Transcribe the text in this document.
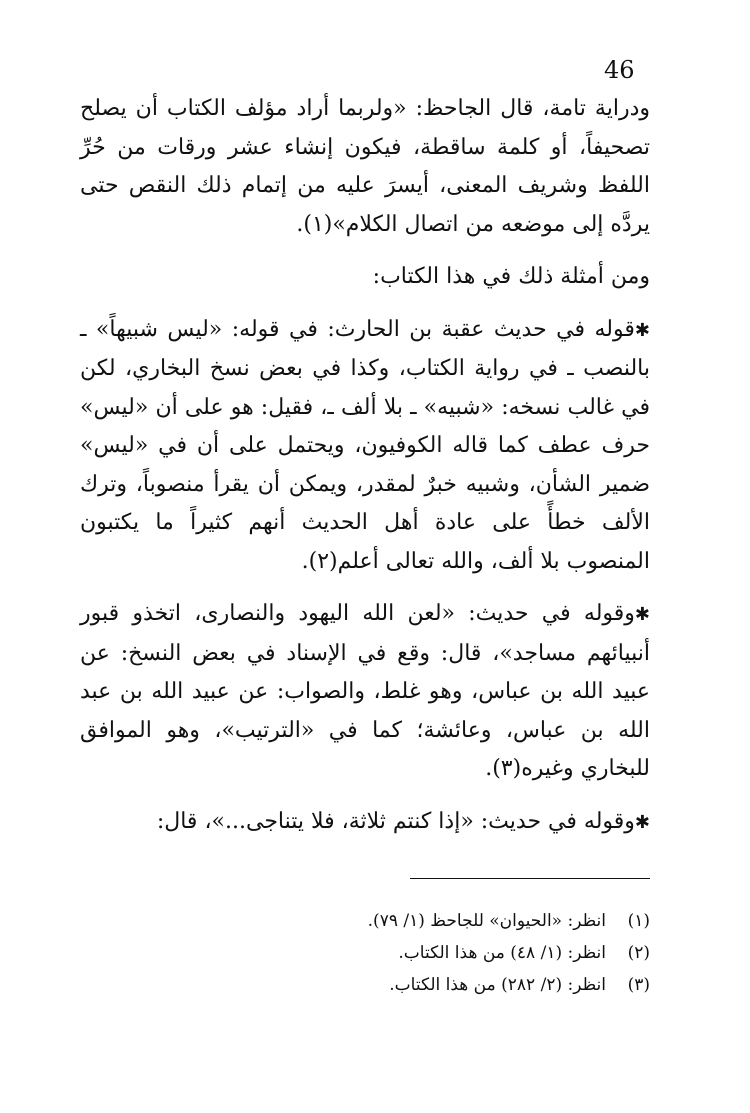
46

ودراية تامة، قال الجاحظ: «ولربما أراد مؤلف الكتاب أن يصلح تصحيفاً، أو كلمة ساقطة، فيكون إنشاء عشر ورقات من حُرِّ اللفظ وشريف المعنى، أيسرَ عليه من إتمام ذلك النقص حتى يردَّه إلى موضعه من اتصال الكلام»(١).

ومن أمثلة ذلك في هذا الكتاب:

✱ قوله في حديث عقبة بن الحارث: في قوله: «ليس شبيهاً» ـ بالنصب ـ في رواية الكتاب، وكذا في بعض نسخ البخاري، لكن في غالب نسخه: «شبيه» ـ بلا ألف ـ، فقيل: هو على أن «ليس» حرف عطف كما قاله الكوفيون، ويحتمل على أن في «ليس» ضمير الشأن، وشبيه خبرٌ لمقدر، ويمكن أن يقرأ منصوباً، وترك الألف خطأً على عادة أهل الحديث أنهم كثيراً ما يكتبون المنصوب بلا ألف، والله تعالى أعلم(٢).

✱ وقوله في حديث: «لعن الله اليهود والنصارى، اتخذو قبور أنبيائهم مساجد»، قال: وقع في الإسناد في بعض النسخ: عن عبيد الله بن عباس، وهو غلط، والصواب: عن عبيد الله بن عبد الله بن عباس، وعائشة؛ كما في «الترتيب»، وهو الموافق للبخاري وغيره(٣).

✱ وقوله في حديث: «إذا كنتم ثلاثة، فلا يتناجى...»، قال:

(١)
انظر: «الحيوان» للجاحظ (١/ ٧٩).
(٢)
انظر: (١/ ٤٨) من هذا الكتاب.
(٣)
انظر: (٢/ ٢٨٢) من هذا الكتاب.
